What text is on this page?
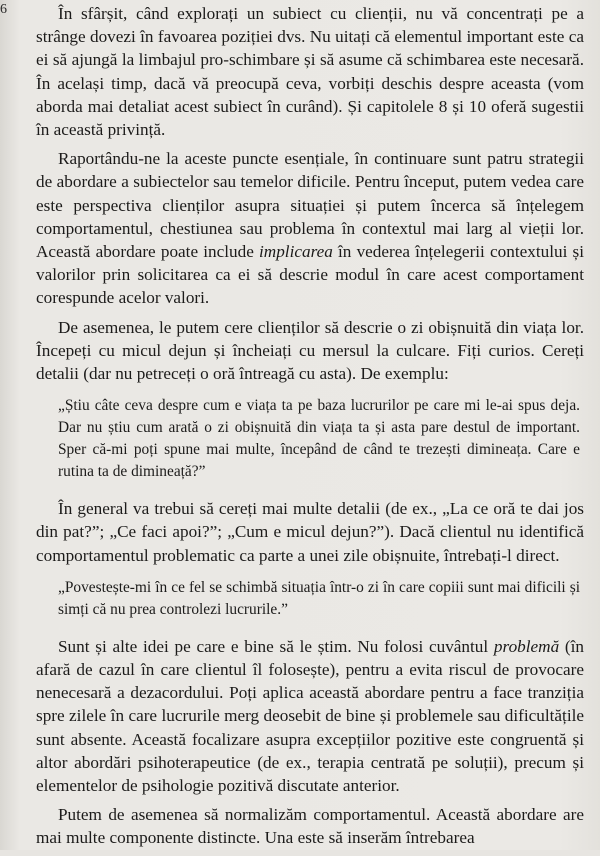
6	În sfârșit, când explorați un subiect cu clienții, nu vă concentrați pe a strânge dovezi în favoarea poziției dvs. Nu uitați că elementul important este ca ei să ajungă la limbajul pro-schimbare și să asume că schimbarea este necesară. În același timp, dacă vă preocupă ceva, vorbiți deschis despre aceasta (vom aborda mai detaliat acest subiect în curând). Și capitolele 8 și 10 oferă sugestii în această privință.

Raportându-ne la aceste puncte esențiale, în continuare sunt patru strategii de abordare a subiectelor sau temelor dificile. Pentru început, putem vedea care este perspectiva clienților asupra situației și putem încerca să înțelegem comportamentul, chestiunea sau problema în contextul mai larg al vieții lor. Această abordare poate include implicarea în vederea înțelegerii contextului și valorilor prin solicitarea ca ei să descrie modul în care acest comportament corespunde acelor valori.

De asemenea, le putem cere clienților să descrie o zi obișnuită din viața lor. Începeți cu micul dejun și încheiați cu mersul la culcare. Fiți curios. Cereți detalii (dar nu petreceți o oră întreagă cu asta). De exemplu:

„Știu câte ceva despre cum e viața ta pe baza lucrurilor pe care mi le-ai spus deja. Dar nu știu cum arată o zi obișnuită din viața ta și asta pare destul de important. Sper că-mi poți spune mai multe, începând de când te trezești dimineața. Care e rutina ta de dimineață?”

În general va trebui să cereți mai multe detalii (de ex., „La ce oră te dai jos din pat?”; „Ce faci apoi?”; „Cum e micul dejun?”). Dacă clientul nu identifică comportamentul problematic ca parte a unei zile obișnuite, întrebați-l direct.

„Povestește-mi în ce fel se schimbă situația într-o zi în care copiii sunt mai dificili și simți că nu prea controlezi lucrurile.”

Sunt și alte idei pe care e bine să le știm. Nu folosi cuvântul problemă (în afară de cazul în care clientul îl folosește), pentru a evita riscul de provocare nenecesară a dezacordului. Poți aplica această abordare pentru a face tranziția spre zilele în care lucrurile merg deosebit de bine și problemele sau dificultățile sunt absente. Această focalizare asupra excepțiilor pozitive este congruentă și altor abordări psihoterapeutice (de ex., terapia centrată pe soluții), precum și elementelor de psihologie pozitivă discutate anterior.

Putem de asemenea să normalizăm comportamentul. Această abordare are mai multe componente distincte. Una este să inserăm întrebarea
